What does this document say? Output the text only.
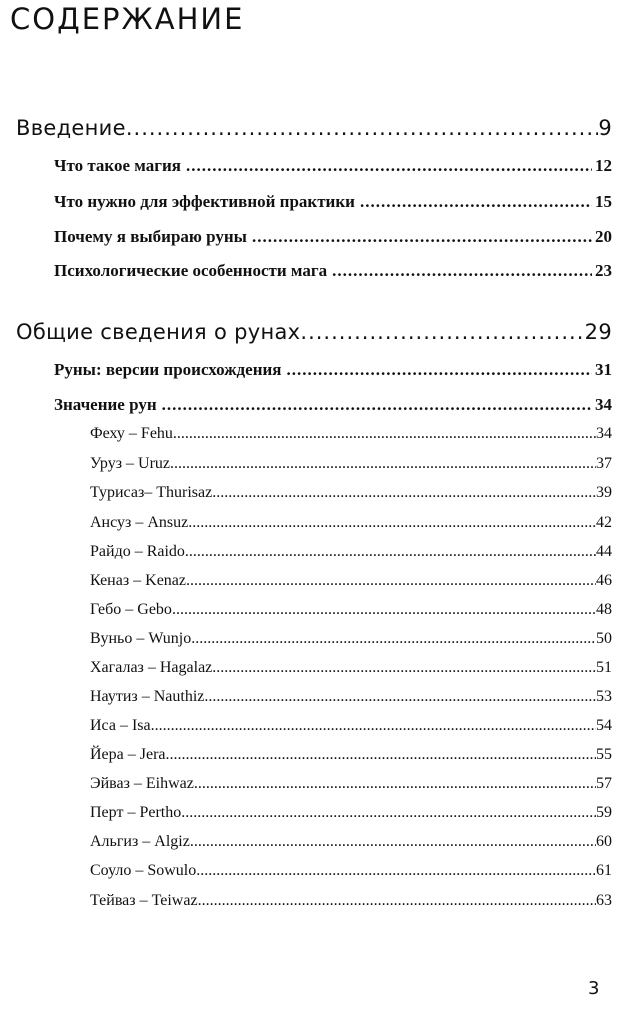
СОДЕРЖАНИЕ
Введение .....	9
Что такое магия .....	12
Что нужно для эффективной практики .....	15
Почему я выбираю руны .....	20
Психологические особенности мага .....	23
Общие сведения о рунах .....	29
Руны: версии происхождения .....	31
Значение рун .....	34
Феху – Fehu .....	34
Уруз – Uruz .....	37
Турисаз– Thurisaz .....	39
Ансуз – Ansuz .....	42
Райдо – Raido .....	44
Кеназ – Kenaz .....	46
Гебо – Gebo .....	48
Вуньо – Wunjo .....	50
Хагалаз – Hagalaz .....	51
Наутиз – Nauthiz .....	53
Иса – Isa .....	54
Йера – Jera .....	55
Эйваз – Eihwaz .....	57
Перт – Pertho .....	59
Альгиз – Algiz .....	60
Соуло – Sowulo .....	61
Тейваз – Teiwaz .....	63
3
